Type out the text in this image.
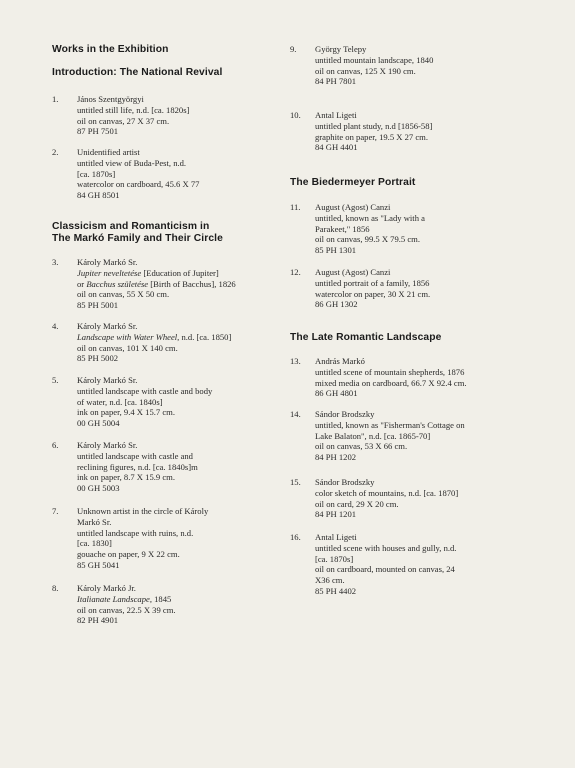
Works in the Exhibition
Introduction: The National Revival
1.	János Szentgyörgyi
untitled still life, n.d. [ca. 1820s]
oil on canvas, 27 X 37 cm.
87 PH 7501
2.	Unidentified artist
untitled view of Buda-Pest, n.d.
[ca. 1870s]
watercolor on cardboard, 45.6 X 77
84 GH 8501
Classicism and Romanticism in
The Markó Family and Their Circle
3.	Károly Markó Sr.
Jupiter neveltetése [Education of Jupiter]
or Bacchus születése [Birth of Bacchus], 1826
oil on canvas, 55 X 50 cm.
85 PH 5001
4.	Károly Markó Sr.
Landscape with Water Wheel, n.d. [ca. 1850]
oil on canvas, 101 X 140 cm.
85 PH 5002
5.	Károly Markó Sr.
untitled landscape with castle and body
of water, n.d. [ca. 1840s]
ink on paper, 9.4 X 15.7 cm.
00 GH 5004
6.	Károly Markó Sr.
untitled landscape with castle and
reclining figures, n.d. [ca. 1840s]m
ink on paper, 8.7 X 15.9 cm.
00 GH 5003
7.	Unknown artist in the circle of Károly
Markó Sr.
untitled landscape with ruins, n.d.
[ca. 1830]
gouache on paper, 9 X 22 cm.
85 GH 5041
8.	Károly Markó Jr.
Italianate Landscape, 1845
oil on canvas, 22.5 X 39 cm.
82 PH 4901
9.	György Telepy
untitled mountain landscape, 1840
oil on canvas, 125 X 190 cm.
84 PH 7801
10.	Antal Ligeti
untitled plant study, n.d [1856-58]
graphite on paper, 19.5 X 27 cm.
84 GH 4401
The Biedermeyer Portrait
11.	August (Agost) Canzi
untitled, known as "Lady with a
Parakeet," 1856
oil on canvas, 99.5 X 79.5 cm.
85 PH 1301
12.	August (Agost) Canzi
untitled portrait of a family, 1856
watercolor on paper, 30 X 21 cm.
86 GH 1302
The Late Romantic Landscape
13.	András Markó
untitled scene of mountain shepherds, 1876
mixed media on cardboard, 66.7 X 92.4 cm.
86 GH 4801
14.	Sándor Brodszky
untitled, known as "Fisherman's Cottage on
Lake Balaton", n.d. [ca. 1865-70]
oil on canvas, 53 X 66 cm.
84 PH 1202
15.	Sándor Brodszky
color sketch of mountains, n.d. [ca. 1870]
oil on card, 29 X 20 cm.
84 PH 1201
16.	Antal Ligeti
untitled scene with houses and gully, n.d.
[ca. 1870s]
oil on cardboard, mounted on canvas, 24
X36 cm.
85 PH 4402
